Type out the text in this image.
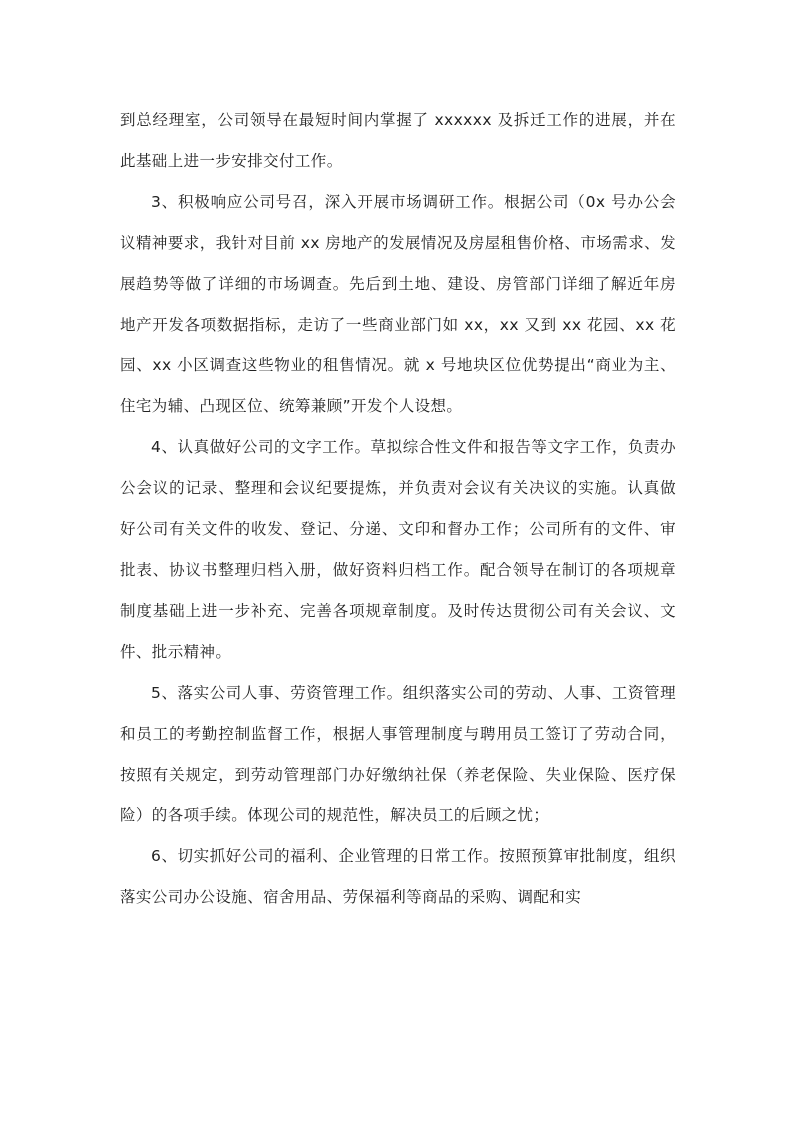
到总经理室，公司领导在最短时间内掌握了 xxxxxx 及拆迁工作的进展，并在此基础上进一步安排交付工作。

3、积极响应公司号召，深入开展市场调研工作。根据公司（0x 号办公会议精神要求，我针对目前 xx 房地产的发展情况及房屋租售价格、市场需求、发展趋势等做了详细的市场调查。先后到土地、建设、房管部门详细了解近年房地产开发各项数据指标，走访了一些商业部门如 xx，xx 又到 xx 花园、xx 花园、xx 小区调查这些物业的租售情况。就 x 号地块区位优势提出“商业为主、住宅为辅、凸现区位、统筹兼顾”开发个人设想。

4、认真做好公司的文字工作。草拟综合性文件和报告等文字工作，负责办公会议的记录、整理和会议纪要提炼，并负责对会议有关决议的实施。认真做好公司有关文件的收发、登记、分递、文印和督办工作；公司所有的文件、审批表、协议书整理归档入册，做好资料归档工作。配合领导在制订的各项规章制度基础上进一步补充、完善各项规章制度。及时传达贯彻公司有关会议、文件、批示精神。

5、落实公司人事、劳资管理工作。组织落实公司的劳动、人事、工资管理和员工的考勤控制监督工作，根据人事管理制度与聘用员工签订了劳动合同，按照有关规定，到劳动管理部门办好缴纳社保（养老保险、失业保险、医疗保险）的各项手续。体现公司的规范性，解决员工的后顾之忧；

6、切实抓好公司的福利、企业管理的日常工作。按照预算审批制度，组织落实公司办公设施、宿舍用品、劳保福利等商品的采购、调配和实
